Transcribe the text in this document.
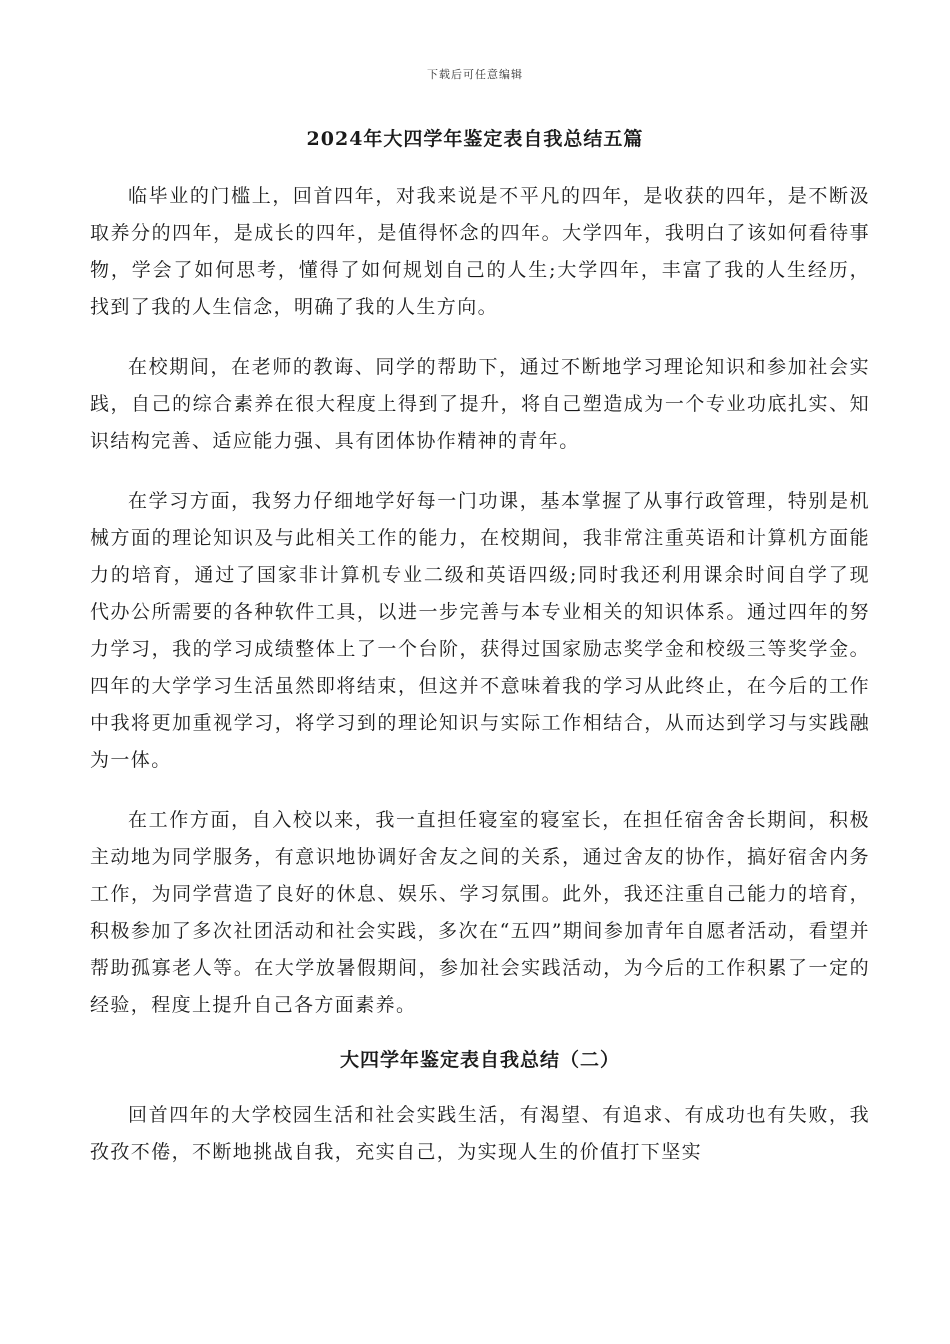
下载后可任意编辑
2024年大四学年鉴定表自我总结五篇

临毕业的门槛上，回首四年，对我来说是不平凡的四年，是收获的四年，是不断汲取养分的四年，是成长的四年，是值得怀念的四年。大学四年，我明白了该如何看待事物，学会了如何思考，懂得了如何规划自己的人生;大学四年，丰富了我的人生经历，找到了我的人生信念，明确了我的人生方向。

在校期间，在老师的教诲、同学的帮助下，通过不断地学习理论知识和参加社会实践，自己的综合素养在很大程度上得到了提升，将自己塑造成为一个专业功底扎实、知识结构完善、适应能力强、具有团体协作精神的青年。

在学习方面，我努力仔细地学好每一门功课，基本掌握了从事行政管理，特别是机械方面的理论知识及与此相关工作的能力，在校期间，我非常注重英语和计算机方面能力的培育，通过了国家非计算机专业二级和英语四级;同时我还利用课余时间自学了现代办公所需要的各种软件工具，以进一步完善与本专业相关的知识体系。通过四年的努力学习，我的学习成绩整体上了一个台阶，获得过国家励志奖学金和校级三等奖学金。四年的大学学习生活虽然即将结束，但这并不意味着我的学习从此终止，在今后的工作中我将更加重视学习，将学习到的理论知识与实际工作相结合，从而达到学习与实践融为一体。

在工作方面，自入校以来，我一直担任寝室的寝室长，在担任宿舍舍长期间，积极主动地为同学服务，有意识地协调好舍友之间的关系，通过舍友的协作，搞好宿舍内务工作，为同学营造了良好的休息、娱乐、学习氛围。此外，我还注重自己能力的培育，积极参加了多次社团活动和社会实践，多次在“五四”期间参加青年自愿者活动，看望并帮助孤寡老人等。在大学放暑假期间，参加社会实践活动，为今后的工作积累了一定的经验，程度上提升自己各方面素养。

大四学年鉴定表自我总结（二）

回首四年的大学校园生活和社会实践生活，有渴望、有追求、有成功也有失败，我孜孜不倦，不断地挑战自我，充实自己，为实现人生的价值打下坚实
